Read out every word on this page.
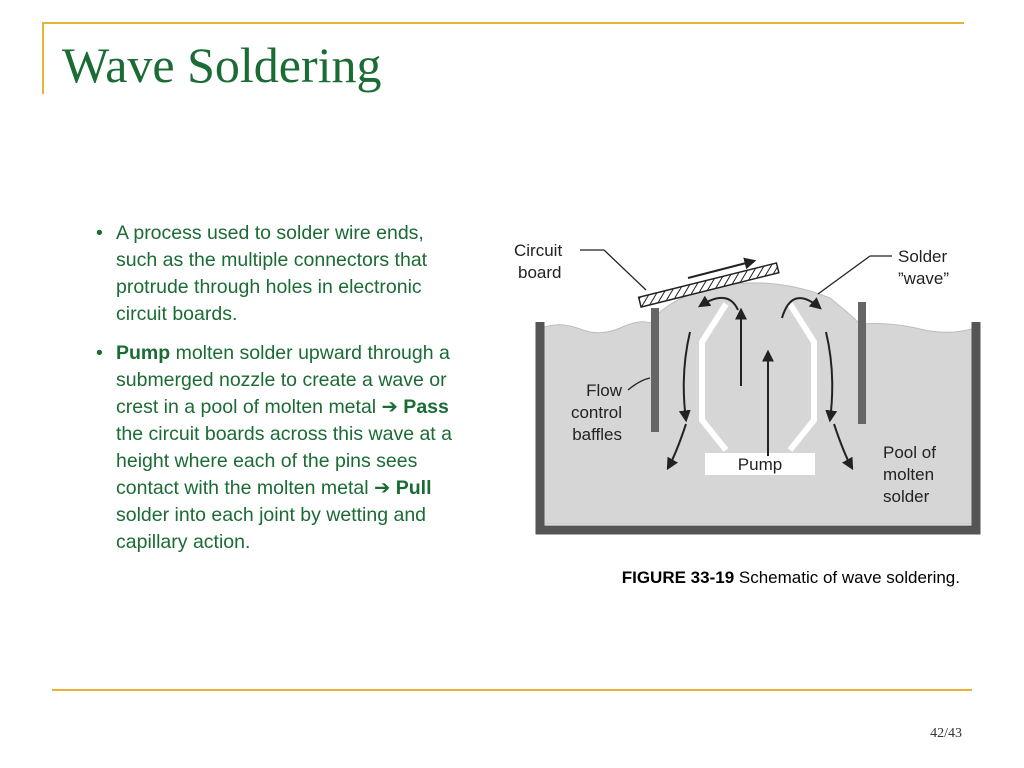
Wave Soldering
• A process used to solder wire ends, such as the multiple connectors that protrude through holes in electronic circuit boards.
• Pump molten solder upward through a submerged nozzle to create a wave or crest in a pool of molten metal ➔ Pass the circuit boards across this wave at a height where each of the pins sees contact with the molten metal ➔ Pull solder into each joint by wetting and capillary action.
Circuit
board
Solder
”wave”
Flow
control
baffles
Pump
Pool of
molten
solder

FIGURE 33-19 Schematic of wave soldering.

42/43
